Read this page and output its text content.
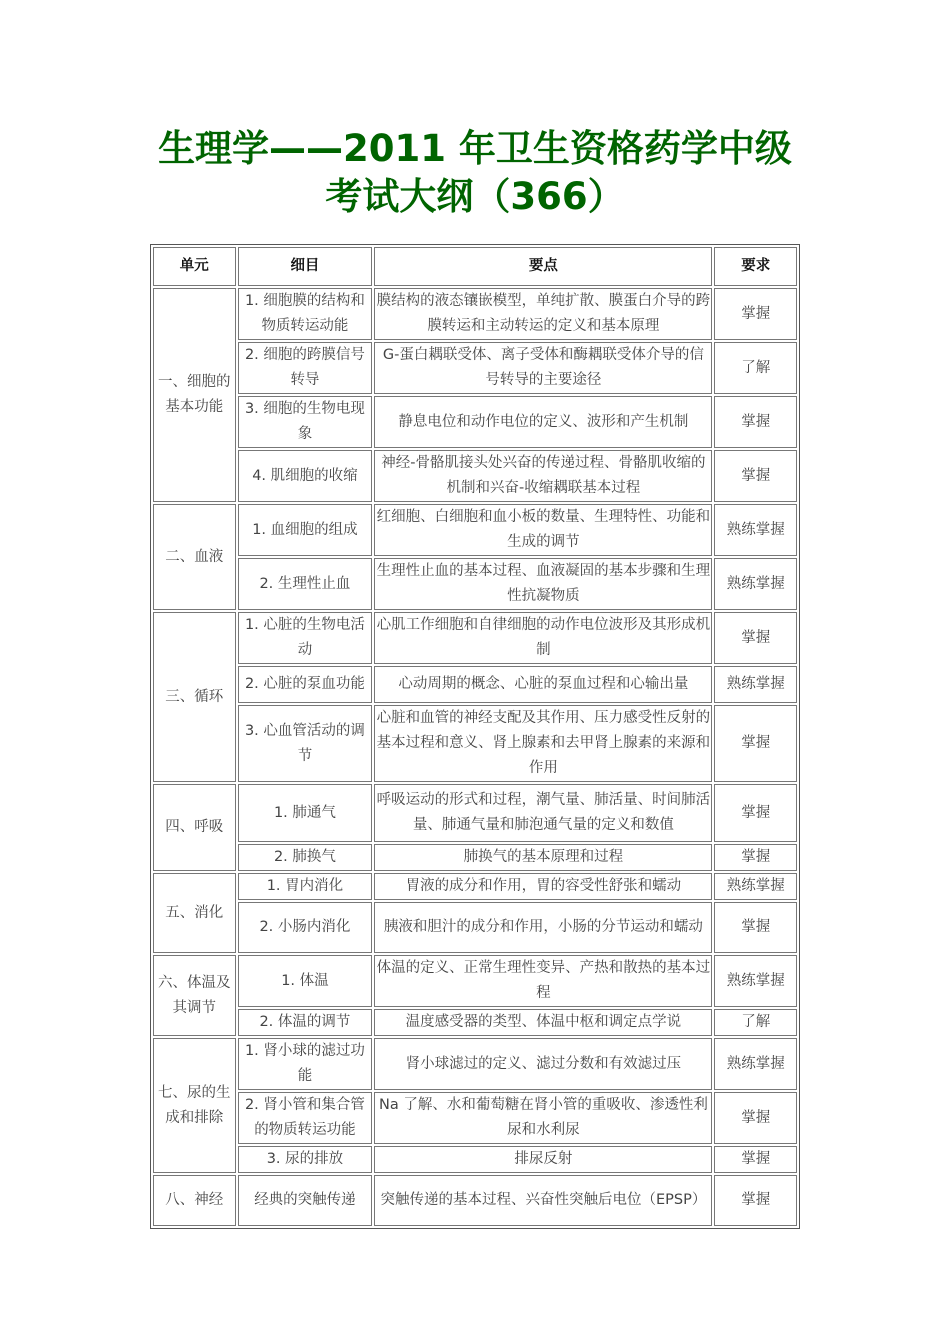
生理学——2011 年卫生资格药学中级
考试大纲（366）
单元	细目	要点	要求
一、细胞的基本功能	1. 细胞膜的结构和物质转运动能	膜结构的液态镶嵌模型，单纯扩散、膜蛋白介导的跨膜转运和主动转运的定义和基本原理	掌握
	2. 细胞的跨膜信号转导	G-蛋白耦联受体、离子受体和酶耦联受体介导的信号转导的主要途径	了解
	3. 细胞的生物电现象	静息电位和动作电位的定义、波形和产生机制	掌握
	4. 肌细胞的收缩	神经-骨骼肌接头处兴奋的传递过程、骨骼肌收缩的机制和兴奋-收缩耦联基本过程	掌握
二、血液	1. 血细胞的组成	红细胞、白细胞和血小板的数量、生理特性、功能和生成的调节	熟练掌握
	2. 生理性止血	生理性止血的基本过程、血液凝固的基本步骤和生理性抗凝物质	熟练掌握
三、循环	1. 心脏的生物电活动	心肌工作细胞和自律细胞的动作电位波形及其形成机制	掌握
	2. 心脏的泵血功能	心动周期的概念、心脏的泵血过程和心输出量	熟练掌握
	3. 心血管活动的调节	心脏和血管的神经支配及其作用、压力感受性反射的基本过程和意义、肾上腺素和去甲肾上腺素的来源和作用	掌握
四、呼吸	1. 肺通气	呼吸运动的形式和过程，潮气量、肺活量、时间肺活量、肺通气量和肺泡通气量的定义和数值	掌握
	2. 肺换气	肺换气的基本原理和过程	掌握
五、消化	1. 胃内消化	胃液的成分和作用，胃的容受性舒张和蠕动	熟练掌握
	2. 小肠内消化	胰液和胆汁的成分和作用，小肠的分节运动和蠕动	掌握
六、体温及其调节	1. 体温	体温的定义、正常生理性变异、产热和散热的基本过程	熟练掌握
	2. 体温的调节	温度感受器的类型、体温中枢和调定点学说	了解
七、尿的生成和排除	1. 肾小球的滤过功能	肾小球滤过的定义、滤过分数和有效滤过压	熟练掌握
	2. 肾小管和集合管的物质转运功能	Na 了解、水和葡萄糖在肾小管的重吸收、渗透性利尿和水利尿	掌握
	3. 尿的排放	排尿反射	掌握
八、神经	经典的突触传递	突触传递的基本过程、兴奋性突触后电位（EPSP）	掌握
